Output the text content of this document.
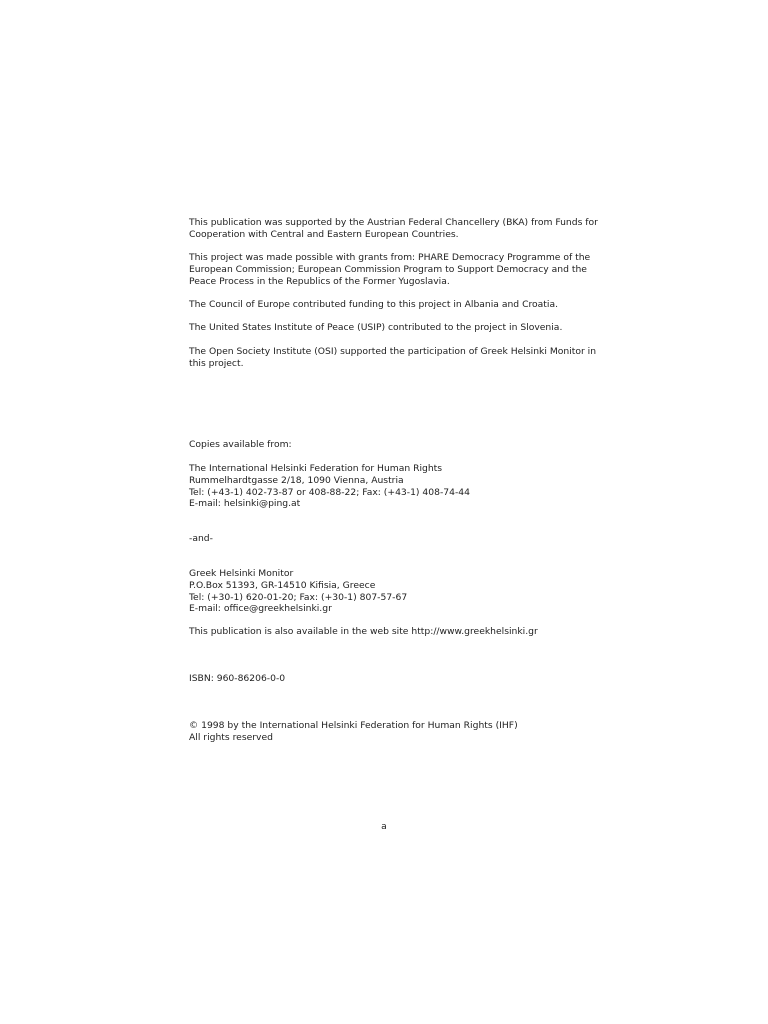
This publication was supported by the Austrian Federal Chancellery (BKA) from Funds for
Cooperation with Central and Eastern European Countries.

This project was made possible with grants from: PHARE Democracy Programme of the
European Commission; European Commission Program to Support Democracy and the
Peace Process in the Republics of the Former Yugoslavia.

The Council of Europe contributed funding to this project in Albania and Croatia.

The United States Institute of Peace (USIP) contributed to the project in Slovenia.

The Open Society Institute (OSI) supported the participation of Greek Helsinki Monitor in
this project.

Copies available from:

The International Helsinki Federation for Human Rights
Rummelhardtgasse 2/18, 1090 Vienna, Austria
Tel: (+43-1) 402-73-87 or 408-88-22; Fax: (+43-1) 408-74-44
E-mail: helsinki@ping.at

-and-

Greek Helsinki Monitor
P.O.Box 51393, GR-14510 Kifisia, Greece
Tel: (+30-1) 620-01-20; Fax: (+30-1) 807-57-67
E-mail: office@greekhelsinki.gr

This publication is also available in the web site http://www.greekhelsinki.gr

ISBN: 960-86206-0-0

© 1998 by the International Helsinki Federation for Human Rights (IHF)
All rights reserved

a
